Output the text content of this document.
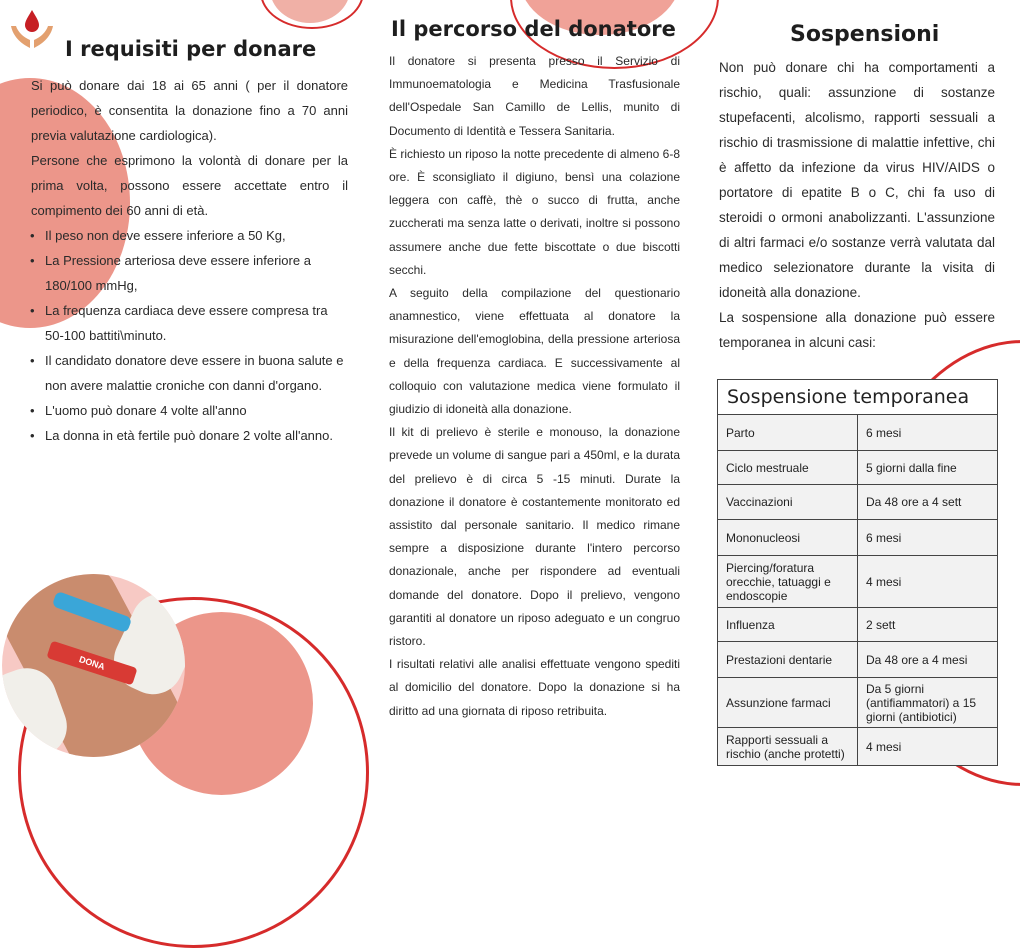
DONA
I requisiti per donare

Si può donare dai 18 ai 65 anni ( per il donatore periodico, è consentita la donazione fino a 70 anni previa valutazione cardiologica).

Persone che esprimono la volontà di donare per la prima volta, possono essere accettate entro il compimento dei 60 anni di età.

• Il peso non deve essere inferiore a 50 Kg,
• La Pressione arteriosa deve essere inferiore a 180/100 mmHg,
• La frequenza cardiaca deve essere compresa tra 50-100 battiti\minuto.
• Il candidato donatore deve essere in buona salute e non avere malattie croniche con danni d'organo.
• L'uomo può donare 4 volte all'anno
• La donna in età fertile può donare 2 volte all'anno.
Il percorso del donatore

Il donatore si presenta presso il Servizio di Immunoematologia e Medicina Trasfusionale dell'Ospedale San Camillo de Lellis, munito di Documento di Identità e Tessera Sanitaria.

È richiesto un riposo la notte precedente di almeno 6-8 ore. È sconsigliato il digiuno, bensì una colazione leggera con caffè, thè o succo di frutta, anche zuccherati ma senza latte o derivati, inoltre si possono assumere anche due fette biscottate o due biscotti secchi.

A seguito della compilazione del questionario anamnestico, viene effettuata al donatore la misurazione dell'emoglobina, della pressione arteriosa e della frequenza cardiaca. E successivamente al colloquio con valutazione medica viene formulato il giudizio di idoneità alla donazione.

Il kit di prelievo è sterile e monouso, la donazione prevede un volume di sangue pari a 450ml, e la durata del prelievo è di circa 5 -15 minuti. Durate la donazione il donatore è costantemente monitorato ed assistito dal personale sanitario. Il medico rimane sempre a disposizione durante l'intero percorso donazionale, anche per rispondere ad eventuali domande del donatore. Dopo il prelievo, vengono garantiti al donatore un riposo adeguato e un congruo ristoro.

I risultati relativi alle analisi effettuate vengono spediti al domicilio del donatore. Dopo la donazione si ha diritto ad una giornata di riposo retribuita.

Sospensioni

Non può donare chi ha comportamenti a rischio, quali: assunzione di sostanze stupefacenti, alcolismo, rapporti sessuali a rischio di trasmissione di malattie infettive, chi è affetto da infezione da virus HIV/AIDS o portatore di epatite B o C, chi fa uso di steroidi o ormoni anabolizzanti. L'assunzione di altri farmaci e/o sostanze verrà valutata dal medico selezionatore durante la visita di idoneità alla donazione.

La sospensione alla donazione può essere temporanea in alcuni casi:

Sospensione temporanea	
Parto	6 mesi
Ciclo mestruale	5 giorni dalla fine
Vaccinazioni	Da 48 ore a 4 sett
Mononucleosi	6 mesi
Piercing/foratura orecchie, tatuaggi e endoscopie	4 mesi
Influenza	2 sett
Prestazioni dentarie	Da 48 ore a 4 mesi
Assunzione farmaci	Da 5 giorni (antifiammatori) a 15 giorni (antibiotici)
Rapporti sessuali a rischio (anche protetti)	4 mesi
